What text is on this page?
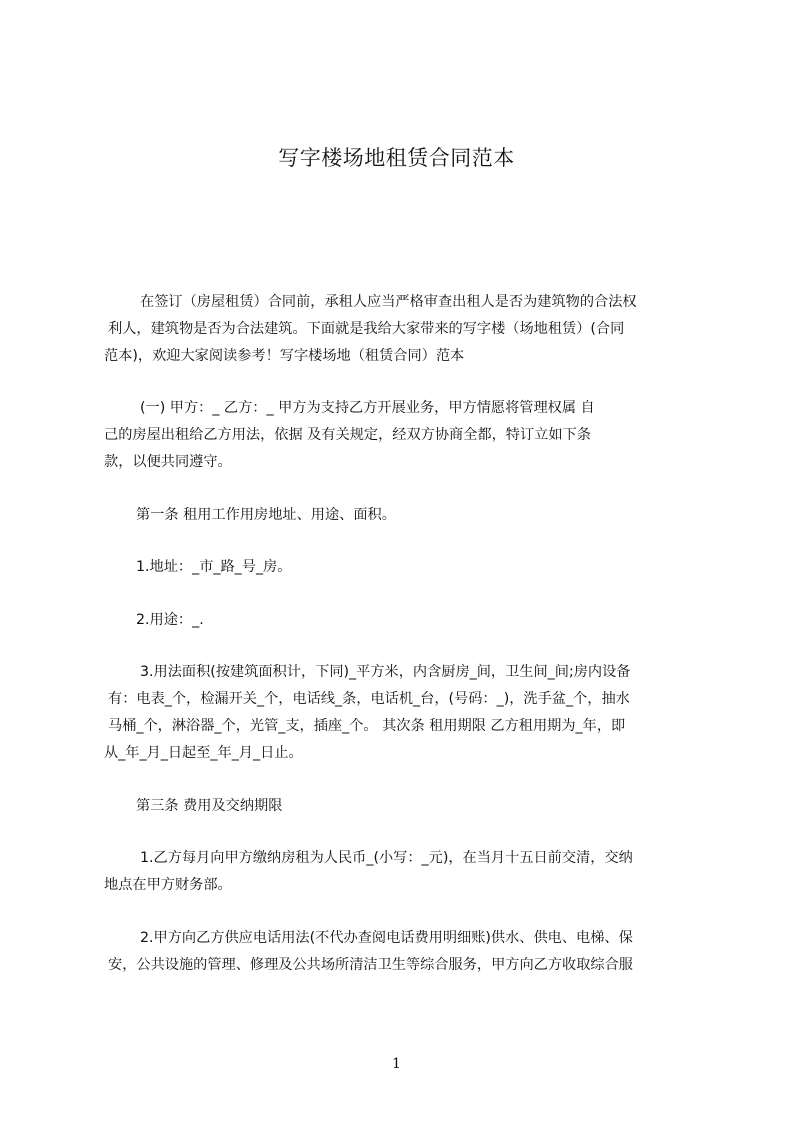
写字楼场地租赁合同范本
在签订（房屋租赁）合同前，承租人应当严格审查出租人是否为建筑物的合法权
利人，建筑物是否为合法建筑。下面就是我给大家带来的写字楼（场地租赁）(合同
范本)，欢迎大家阅读参考！写字楼场地（租赁合同）范本
(一) 甲方：_ 乙方：_ 甲方为支持乙方开展业务，甲方情愿将管理权属 自
己的房屋出租给乙方用法，依据 及有关规定，经双方协商全都，特订立如下条
款，以便共同遵守。
第一条 租用工作用房地址、用途、面积。
1.地址：_市_路_号_房。
2.用途：_.
3.用法面积(按建筑面积计，下同)_平方米，内含厨房_间，卫生间_间;房内设备
有：电表_个，检漏开关_个，电话线_条，电话机_台，(号码：_)，洗手盆_个，抽水
马桶_个，淋浴器_个，光管_支，插座_个。 其次条 租用期限 乙方租用期为_年，即
从_年_月_日起至_年_月_日止。
第三条 费用及交纳期限
1.乙方每月向甲方缴纳房租为人民币_(小写：_元)，在当月十五日前交清，交纳
地点在甲方财务部。
2.甲方向乙方供应电话用法(不代办查阅电话费用明细账)供水、供电、电梯、保
安，公共设施的管理、修理及公共场所清洁卫生等综合服务，甲方向乙方收取综合服
1
